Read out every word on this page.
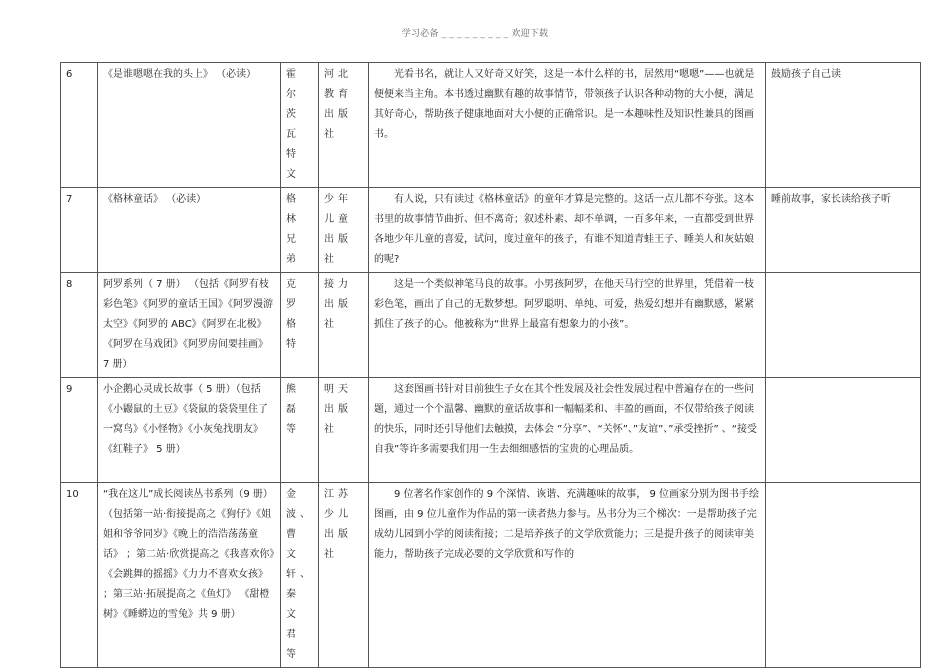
学习必备 _ _ _ _ _ _ _ _ _ 欢迎下载
6	《是谁嗯嗯在我的头上》 （必读）	霍尔茨瓦特文	河北教育出版社	光看书名，就让人又好奇又好笑，这是一本什么样的书，居然用“嗯嗯”——也就是便便来当主角。本书透过幽默有趣的故事情节，带领孩子认识各种动物的大小便，满足其好奇心，帮助孩子健康地面对大小便的正确常识。是一本趣味性及知识性兼具的图画书。	鼓励孩子自己读
7	《格林童话》 （必读）	格林兄弟	少年儿童出版社	有人说，只有读过《格林童话》的童年才算是完整的。这话一点儿都不夸张。这本书里的故事情节曲折、但不离奇；叙述朴素、却不单调，一百多年来，一直都受到世界各地少年儿童的喜爱，试问，度过童年的孩子，有谁不知道青蛙王子、睡美人和灰姑娘的呢?	睡前故事，家长读给孩子听
8	阿罗系列（ 7 册） （包括《阿罗有枝彩色笔》《阿罗的童话王国》《阿罗漫游太空》《阿罗的 ABC》《阿罗在北极》《阿罗在马戏团》《阿罗房间要挂画》 7 册）	克罗格特	接力出版社	这是一个类似神笔马良的故事。小男孩阿罗，在他天马行空的世界里，凭借着一枝彩色笔，画出了自己的无数梦想。阿罗聪明、单纯、可爱，热爱幻想并有幽默感，紧紧抓住了孩子的心。他被称为“世界上最富有想象力的小孩”。	
9	小企鹅心灵成长故事（ 5 册）（包括《小鼹鼠的土豆》《袋鼠的袋袋里住了一窝鸟》《小怪物》《小灰兔找朋友》《红鞋子》 5 册）	熊磊等	明天出版社	这套图画书针对目前独生子女在其个性发展及社会性发展过程中普遍存在的一些问题，通过一个个温馨、幽默的童话故事和一幅幅柔和、丰盈的画面，不仅带给孩子阅读的快乐，同时还引导他们去触摸，去体会 ”分享”、“关怀”、”友谊”、”承受挫折” 、“接受自我”等许多需要我们用一生去细细感悟的宝贵的心理品质。	
10	“我在这儿”成长阅读丛书系列（9 册） （包括第一站·衔接提高之《狗仔》《姐姐和爷爷同岁》《晚上的浩浩荡荡童话》 ；第二站·欣赏提高之《我喜欢你》《会跳舞的摇摇》《力力不喜欢女孩》 ；第三站·拓展提高之《鱼灯》 《甜橙树》《睡蟒边的雪兔》共 9 册）	金波、曹文轩、秦文君等	江苏少儿出版社	9 位著名作家创作的 9 个深情、诙谐、充满趣味的故事， 9 位画家分别为图书手绘图画，由 9 位儿童作为作品的第一读者热力参与。丛书分为三个梯次：一是帮助孩子完成幼儿园到小学的阅读衔接；二是培养孩子的文学欣赏能力；三是提升孩子的阅读审美能力，帮助孩子完成必要的文学欣赏和写作的	
